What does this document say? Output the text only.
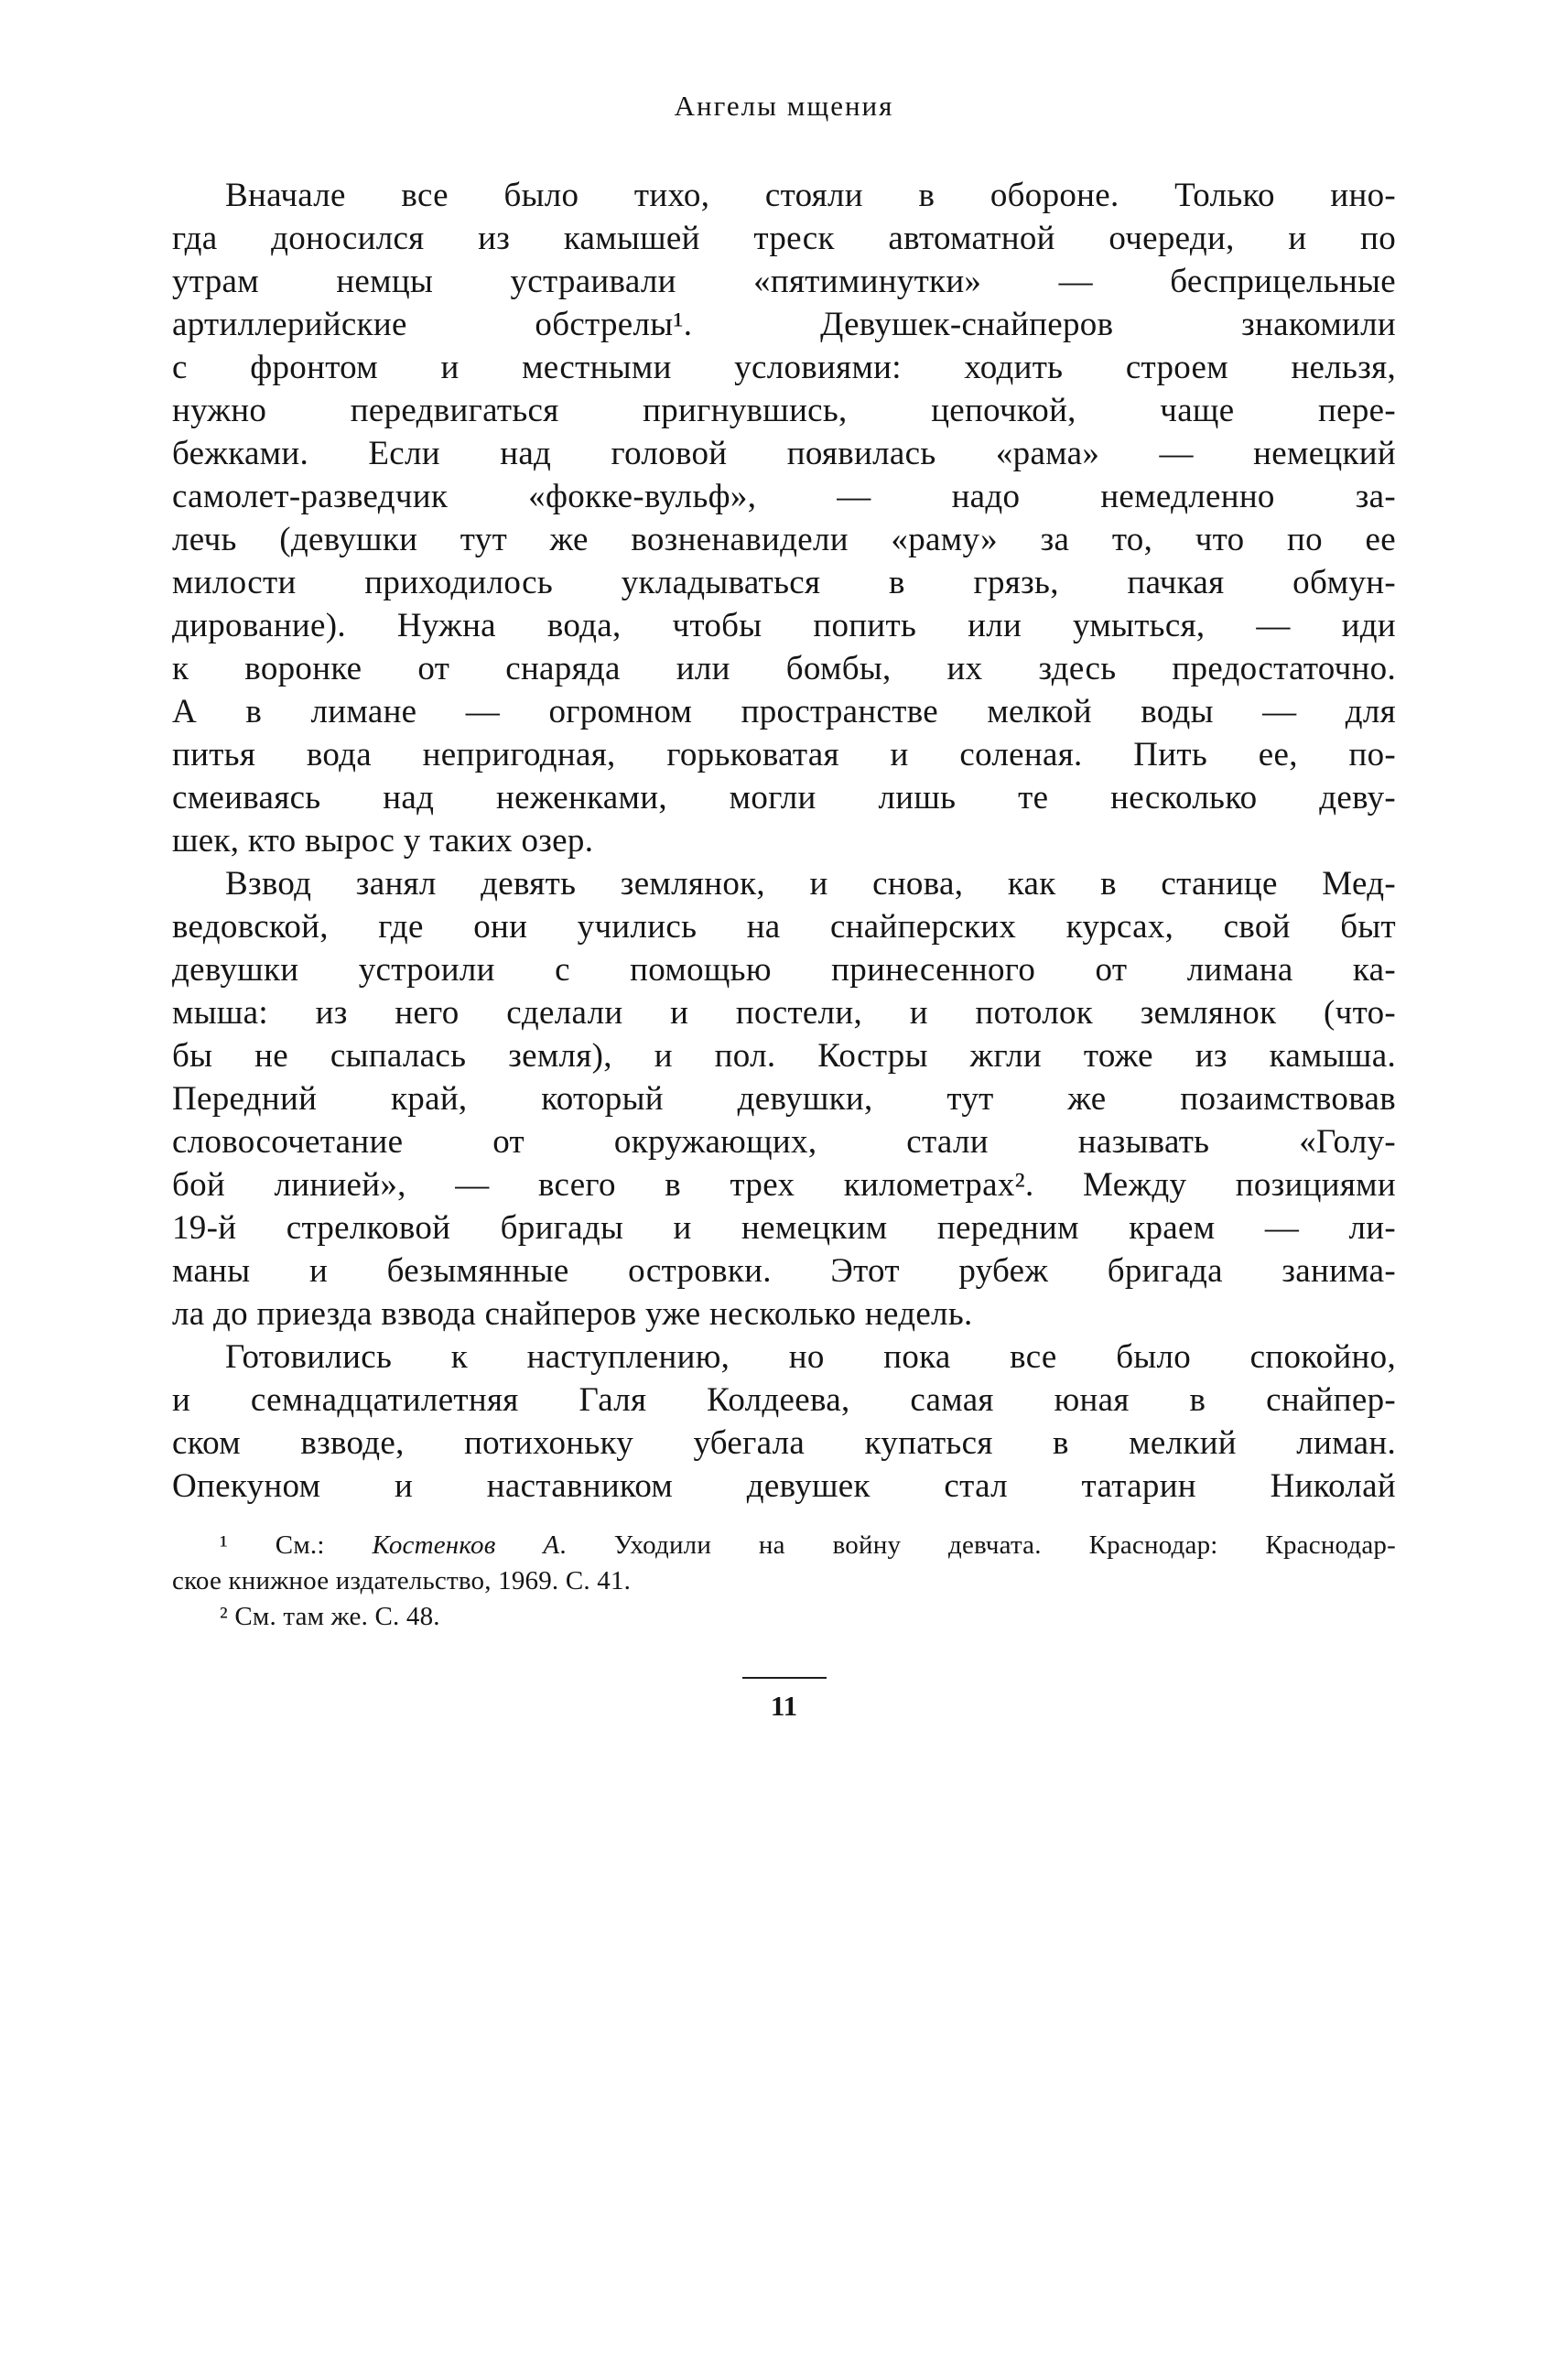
Ангелы мщения
Вначале все было тихо, стояли в обороне. Только ино-
гда доносился из камышей треск автоматной очереди, и по
утрам немцы устраивали «пятиминутки» — бесприцельные
артиллерийские обстрелы¹. Девушек-снайперов знакомили
с фронтом и местными условиями: ходить строем нельзя,
нужно передвигаться пригнувшись, цепочкой, чаще пере-
бежками. Если над головой появилась «рама» — немецкий
самолет-разведчик «фокке-вульф», — надо немедленно за-
лечь (девушки тут же возненавидели «раму» за то, что по ее
милости приходилось укладываться в грязь, пачкая обмун-
дирование). Нужна вода, чтобы попить или умыться, — иди
к воронке от снаряда или бомбы, их здесь предостаточно.
А в лимане — огромном пространстве мелкой воды — для
питья вода непригодная, горьковатая и соленая. Пить ее, по-
смеиваясь над неженками, могли лишь те несколько деву-
шек, кто вырос у таких озер.
Взвод занял девять землянок, и снова, как в станице Мед-
ведовской, где они учились на снайперских курсах, свой быт
девушки устроили с помощью принесенного от лимана ка-
мыша: из него сделали и постели, и потолок землянок (что-
бы не сыпалась земля), и пол. Костры жгли тоже из камыша.
Передний край, который девушки, тут же позаимствовав
словосочетание от окружающих, стали называть «Голу-
бой линией», — всего в трех километрах². Между позициями
19-й стрелковой бригады и немецким передним краем — ли-
маны и безымянные островки. Этот рубеж бригада занима-
ла до приезда взвода снайперов уже несколько недель.
Готовились к наступлению, но пока все было спокойно,
и семнадцатилетняя Галя Колдеева, самая юная в снайпер-
ском взводе, потихоньку убегала купаться в мелкий лиман.
Опекуном и наставником девушек стал татарин Николай
¹ См.: Костенков А. Уходили на войну девчата. Краснодар: Краснодар-
ское книжное издательство, 1969. С. 41.
² См. там же. С. 48.
11
